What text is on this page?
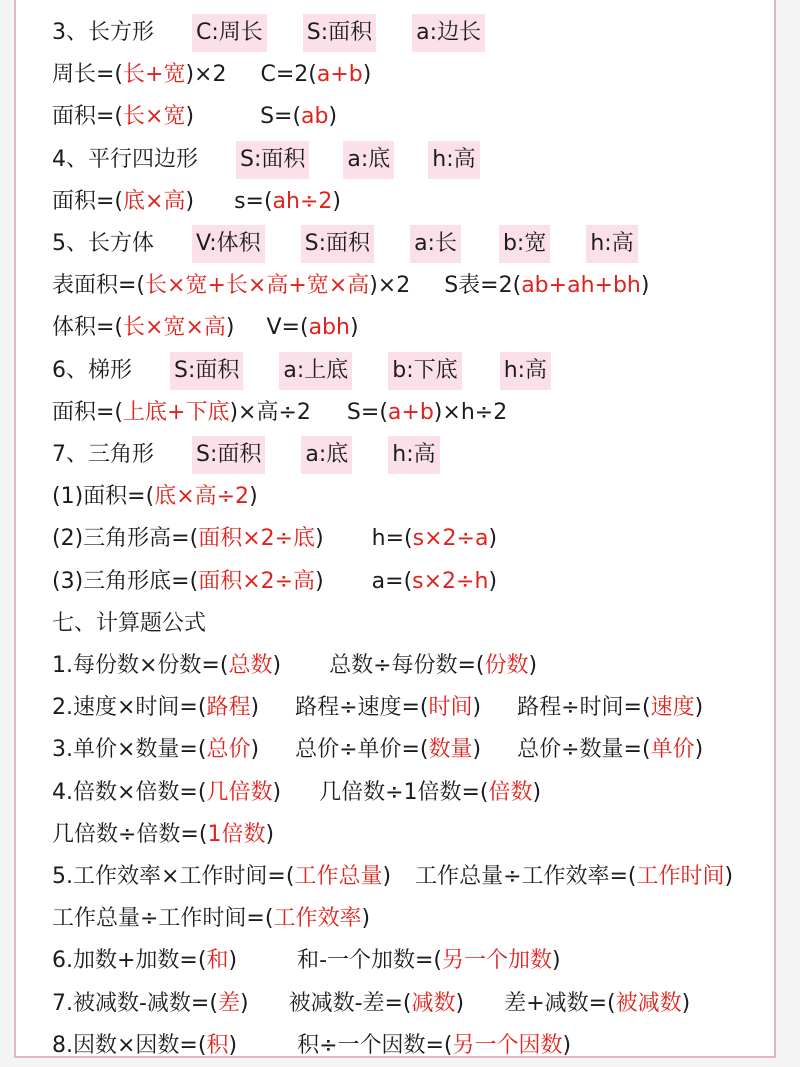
3、长方形 C:周长 S:面积 a:边长
周长=(长+宽)×2 C=2(a+b)
面积=(长×宽)	S=(ab)
4、平行四边形 S:面积 a:底 h:高
面积=(底×高) s=(ah÷2)
5、长方体 V:体积 S:面积 a:长 b:宽 h:高
表面积=(长×宽+长×高+宽×高)×2 S表=2(ab+ah+bh)
体积=(长×宽×高) V=(abh)
6、梯形 S:面积 a:上底 b:下底 h:高
面积=(上底+下底)×高÷2 S=(a+b)×h÷2
7、三角形 S:面积 a:底 h:高
(1)面积=(底×高÷2)
(2)三角形高=(面积×2÷底) h=(s×2÷a)
(3)三角形底=(面积×2÷高) a=(s×2÷h)
七、计算题公式
1.每份数×份数=(总数) 总数÷每份数=(份数)
2.速度×时间=(路程) 路程÷速度=(时间) 路程÷时间=(速度)
3.单价×数量=(总价) 总价÷单价=(数量) 总价÷数量=(单价)
4.倍数×倍数=(几倍数) 几倍数÷1倍数=(倍数)
几倍数÷倍数=(1倍数)
5.工作效率×工作时间=(工作总量) 工作总量÷工作效率=(工作时间)
工作总量÷工作时间=(工作效率)
6.加数+加数=(和)	和-一个加数=(另一个加数)
7.被减数-减数=(差) 被减数-差=(减数) 差+减数=(被减数)
8.因数×因数=(积)	积÷一个因数=(另一个因数)
